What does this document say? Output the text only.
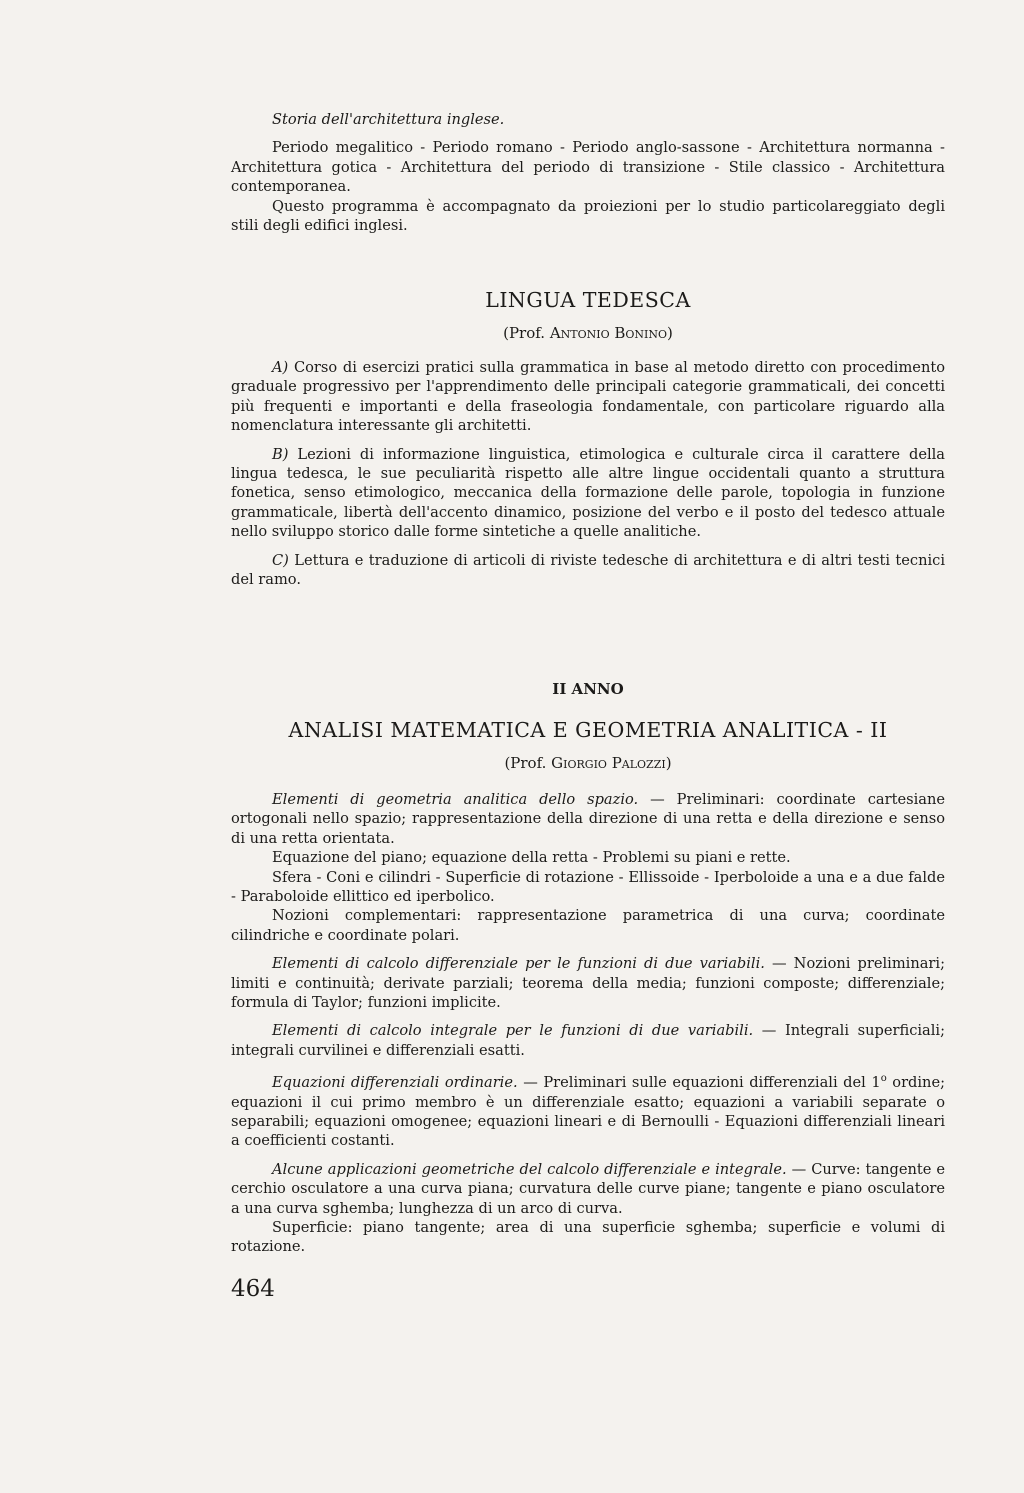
Storia dell'architettura inglese.

Periodo megalitico - Periodo romano - Periodo anglo-sassone - Architettura normanna - Architettura gotica - Architettura del periodo di transizione - Stile classico - Architettura contemporanea.

Questo programma è accompagnato da proiezioni per lo studio particolareggiato degli stili degli edifici inglesi.

LINGUA TEDESCA

(Prof. Antonio Bonino)

A) Corso di esercizi pratici sulla grammatica in base al metodo diretto con procedimento graduale progressivo per l'apprendimento delle principali categorie grammaticali, dei concetti più frequenti e importanti e della fraseologia fondamentale, con particolare riguardo alla nomenclatura interessante gli architetti.

B) Lezioni di informazione linguistica, etimologica e culturale circa il carattere della lingua tedesca, le sue peculiarità rispetto alle altre lingue occidentali quanto a struttura fonetica, senso etimologico, meccanica della formazione delle parole, topologia in funzione grammaticale, libertà dell'accento dinamico, posizione del verbo e il posto del tedesco attuale nello sviluppo storico dalle forme sintetiche a quelle analitiche.

C) Lettura e traduzione di articoli di riviste tedesche di architettura e di altri testi tecnici del ramo.

II ANNO

ANALISI MATEMATICA E GEOMETRIA ANALITICA - II

(Prof. Giorgio Palozzi)

Elementi di geometria analitica dello spazio. — Preliminari: coordinate cartesiane ortogonali nello spazio; rappresentazione della direzione di una retta e della direzione e senso di una retta orientata.

Equazione del piano; equazione della retta - Problemi su piani e rette.

Sfera - Coni e cilindri - Superficie di rotazione - Ellissoide - Iperboloide a una e a due falde - Paraboloide ellittico ed iperbolico.

Nozioni complementari: rappresentazione parametrica di una curva; coordinate cilindriche e coordinate polari.

Elementi di calcolo differenziale per le funzioni di due variabili. — Nozioni preliminari; limiti e continuità; derivate parziali; teorema della media; funzioni composte; differenziale; formula di Taylor; funzioni implicite.

Elementi di calcolo integrale per le funzioni di due variabili. — Integrali superficiali; integrali curvilinei e differenziali esatti.

Equazioni differenziali ordinarie. — Preliminari sulle equazioni differenziali del 1$^o$ ordine; equazioni il cui primo membro è un differenziale esatto; equazioni a variabili separate o separabili; equazioni omogenee; equazioni lineari e di Bernoulli - Equazioni differenziali lineari a coefficienti costanti.

Alcune applicazioni geometriche del calcolo differenziale e integrale. — Curve: tangente e cerchio osculatore a una curva piana; curvatura delle curve piane; tangente e piano osculatore a una curva sghemba; lunghezza di un arco di curva.

Superficie: piano tangente; area di una superficie sghemba; superficie e volumi di rotazione.

464
